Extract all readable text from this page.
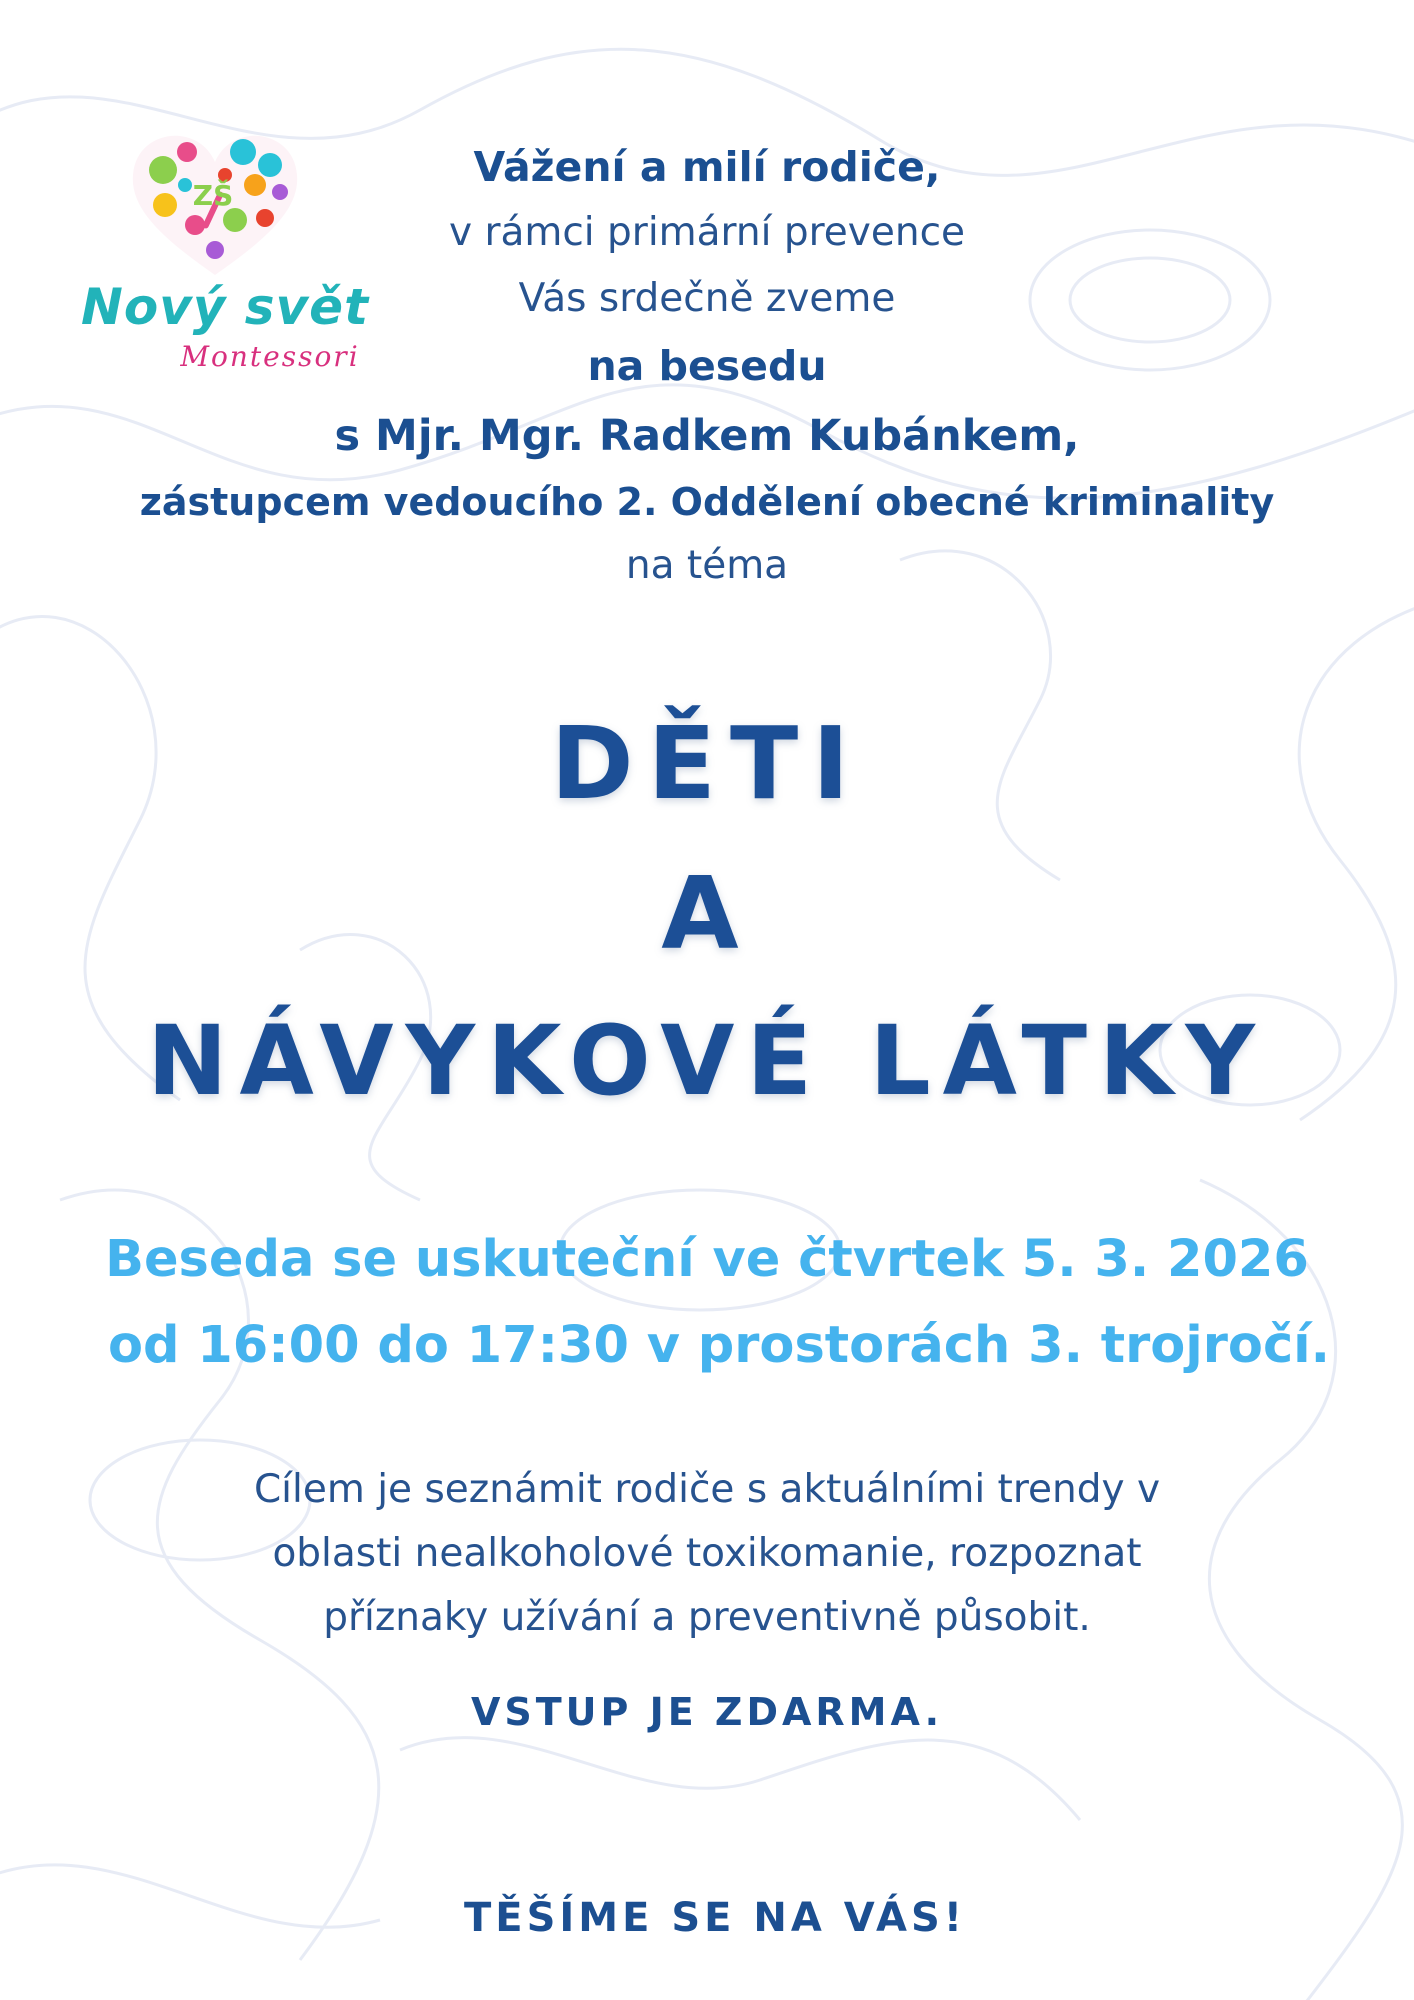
ZŠ
Nový svět
Montessori
Vážení a milí rodiče,
v rámci primární prevence
Vás srdečně zveme
na besedu
s Mjr. Mgr. Radkem Kubánkem,
zástupcem vedoucího 2. Oddělení obecné kriminality
na téma
DĚTI
A
NÁVYKOVÉ LÁTKY
Beseda se uskuteční ve čtvrtek 5. 3. 2026
od 16:00 do 17:30 v prostorách 3. trojročí.
Cílem je seznámit rodiče s aktuálními trendy v
oblasti nealkoholové toxikomanie, rozpoznat
příznaky užívání a preventivně působit.
VSTUP JE ZDARMA.
TĚŠÍME SE NA VÁS!
